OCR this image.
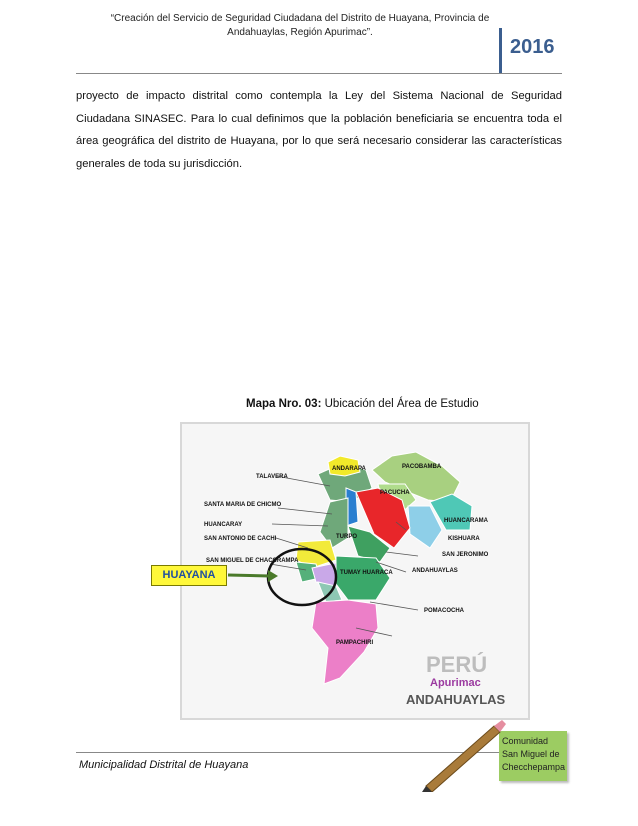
“Creación del Servicio de Seguridad Ciudadana del Distrito de Huayana, Provincia de Andahuaylas, Región Apurimac”.
2016
proyecto de impacto distrital como contempla la Ley del Sistema Nacional de Seguridad Ciudadana SINASEC. Para lo cual definimos que la población beneficiaria se encuentra toda el área geográfica del distrito de Huayana, por lo que será necesario considerar las características generales de toda su jurisdicción.
Mapa Nro. 03: Ubicación del Área de Estudio
TALAVERA
ANDARAPA	PACOBAMBA
PACUCHA
HUANCARAMA
SANTA MARIA DE CHICMO
HUANCARAY
SAN ANTONIO DE CACHI	TURPO	KISHUARA
SAN JERONIMO
SAN MIGUEL DE CHACCRAMPA
ANDAHUAYLAS
TUMAY HUARACA
POMACOCHA
PAMPACHIRI
PERÚ
Apurimac
ANDAHUAYLAS
HUAYANA
Municipalidad Distrital de Huayana
Comunidad San Miguel de Checchepampa
